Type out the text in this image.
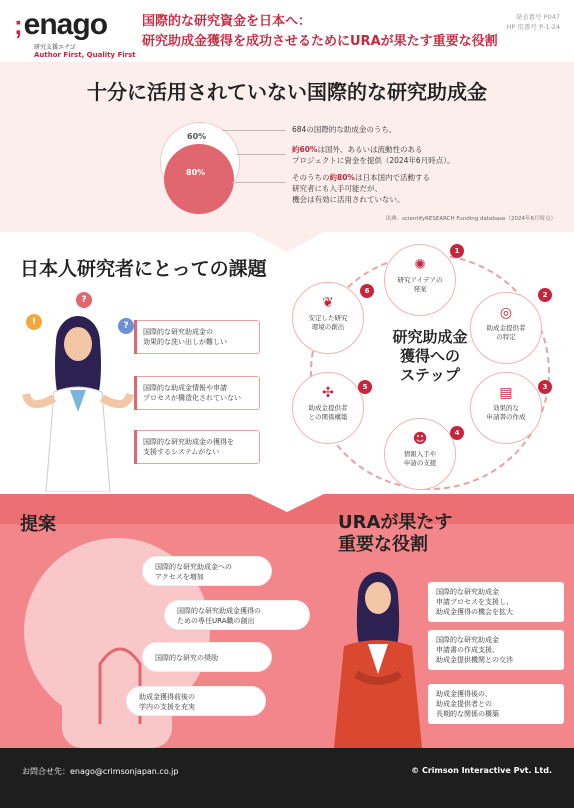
;enago
研究支援エナゴ
Author First, Quality First
国際的な研究資金を日本へ：
研究助成金獲得を成功させるためにURAが果たす重要な役割
発表番号 P047
HP 用番号 P-1-24
十分に活用されていない国際的な研究助成金
60%
80%
684の国際的な助成金のうち、
約60%は国外、あるいは流動性のある
プロジェクトに資金を提供（2024年6月時点）。
そのうちの約80%は日本国内で活動する
研究者にも入手可能だが、
機会は有効に活用されていない。
出典：scientifyRESEARCH Funding database（2024年6月時点）
日本人研究者にとっての課題
?
!	?
国際的な研究助成金の
効果的な洗い出しが難しい
国際的な助成金情報や申請
プロセスが構造化されていない
国際的な研究助成金の獲得を
支援するシステムがない
研究助成金
獲得への
ステップ
✺
研究アイデアの
発案
1
◎
助成金提供者
の特定
2
▤
効果的な
申請書の作成
3
☻
情報入手や
申請の支援
4
✣
助成金提供者
との関係構築
5
❦
安定した研究
環境の創出
6
提案	URAが果たす
重要な役割
国際的な研究助成金への
アクセスを増加
国際的な研究助成金獲得の
ための専任URA職の創出
国際的な研究の奨励
助成金獲得前後の
学内の支援を充実
国際的な研究助成金
申請プロセスを支援し、
助成金獲得の機会を拡大
国際的な研究助成金
申請書の作成支援、
助成金提供機関との交渉
助成金獲得後の、
助成金提供者との
長期的な関係の構築
お問合せ先：enago@crimsonjapan.co.jp	© Crimson Interactive Pvt. Ltd.
